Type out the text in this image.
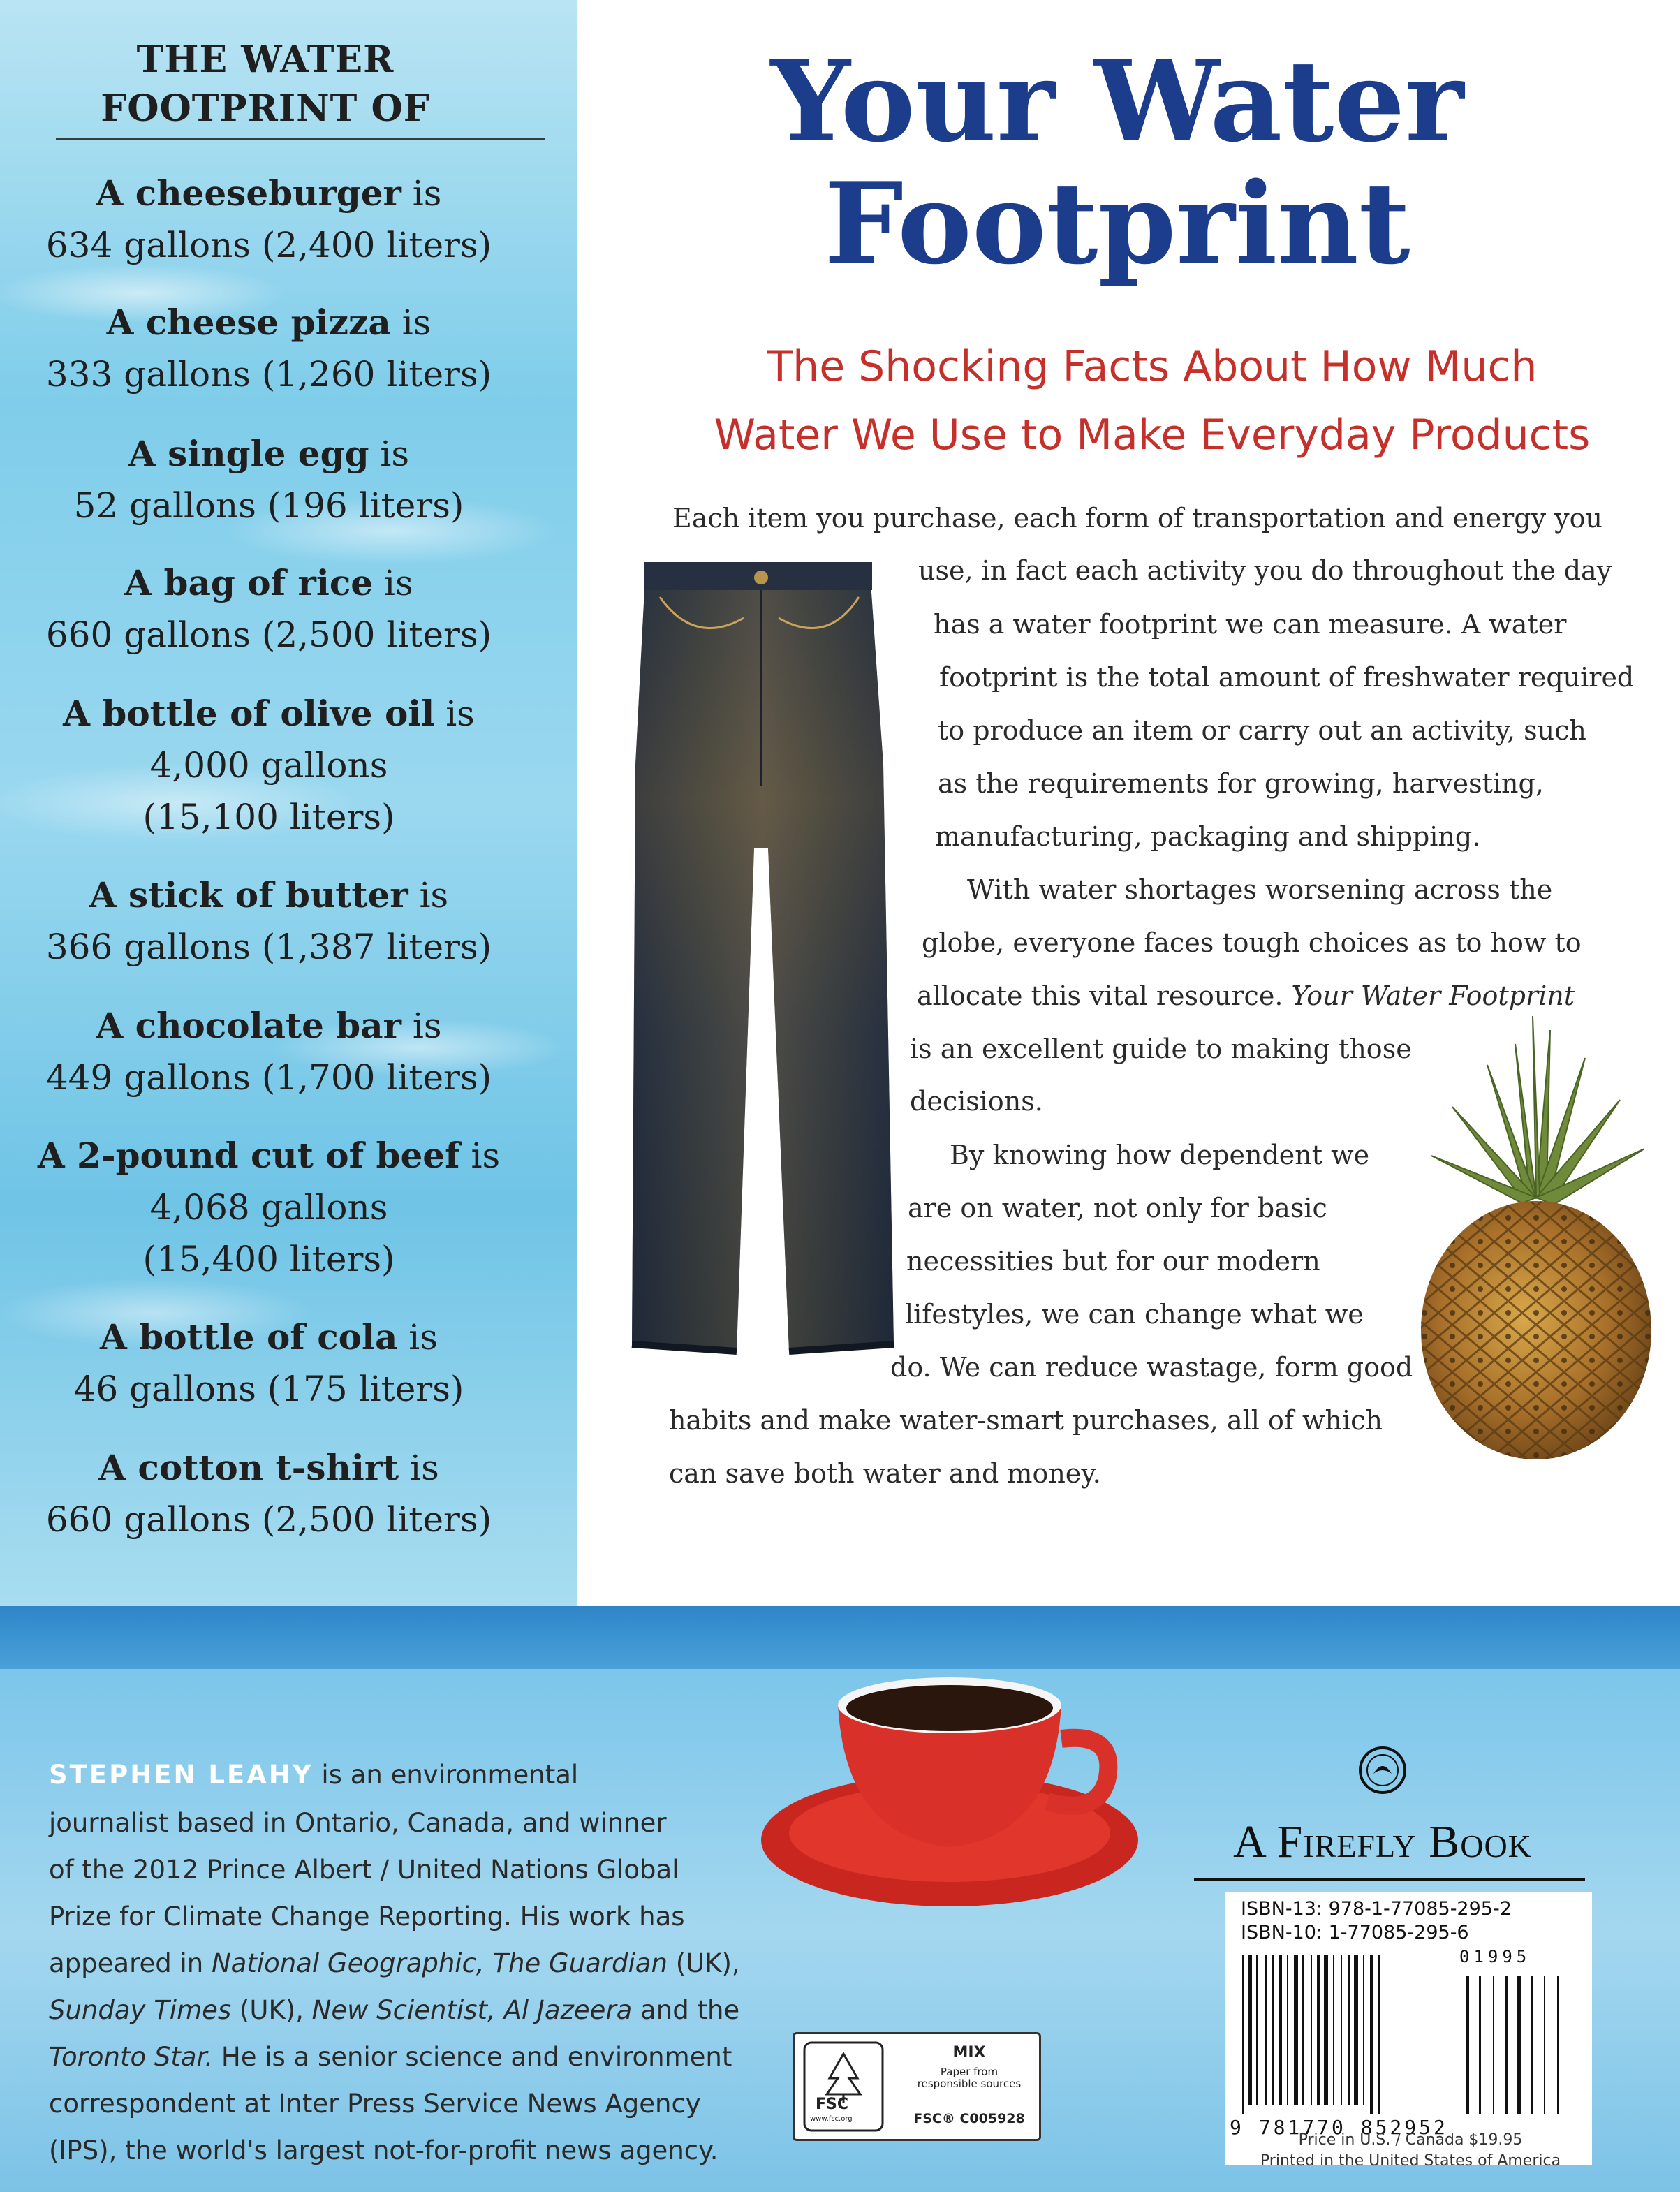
THE WATER
FOOTPRINT OF
A cheeseburger is
634 gallons (2,400 liters)
A cheese pizza is
333 gallons (1,260 liters)
A single egg is
52 gallons (196 liters)
A bag of rice is
660 gallons (2,500 liters)
A bottle of olive oil is
4,000 gallons
(15,100 liters)
A stick of butter is
366 gallons (1,387 liters)
A chocolate bar is
449 gallons (1,700 liters)
A 2-pound cut of beef is
4,068 gallons
(15,400 liters)
A bottle of cola is
46 gallons (175 liters)
A cotton t-shirt is
660 gallons (2,500 liters)
Your Water
Footprint
The Shocking Facts About How Much
Water We Use to Make Everyday Products
Each item you purchase, each form of transportation and energy you
use, in fact each activity you do throughout the day
has a water footprint we can measure. A water
footprint is the total amount of freshwater required
to produce an item or carry out an activity, such
as the requirements for growing, harvesting,
manufacturing, packaging and shipping.
With water shortages worsening across the
globe, everyone faces tough choices as to how to
allocate this vital resource. Your Water Footprint
is an excellent guide to making those
decisions.
By knowing how dependent we
are on water, not only for basic
necessities but for our modern
lifestyles, we can change what we
do. We can reduce wastage, form good
habits and make water-smart purchases, all of which
can save both water and money.
STEPHEN LEAHY is an environmental
journalist based in Ontario, Canada, and winner
of the 2012 Prince Albert / United Nations Global
Prize for Climate Change Reporting. His work has
appeared in National Geographic, The Guardian (UK),
Sunday Times (UK), New Scientist, Al Jazeera and the
Toronto Star. He is a senior science and environment
correspondent at Inter Press Service News Agency
(IPS), the world's largest not-for-profit news agency.
FSC
www.fsc.org
MIX
Paper from
responsible sources
FSC® C005928
A Firefly Book
ISBN-13: 978-1-77085-295-2
ISBN-10: 1-77085-295-6
01995
9 781770 852952
Price in U.S. / Canada $19.95
Printed in the United States of America
